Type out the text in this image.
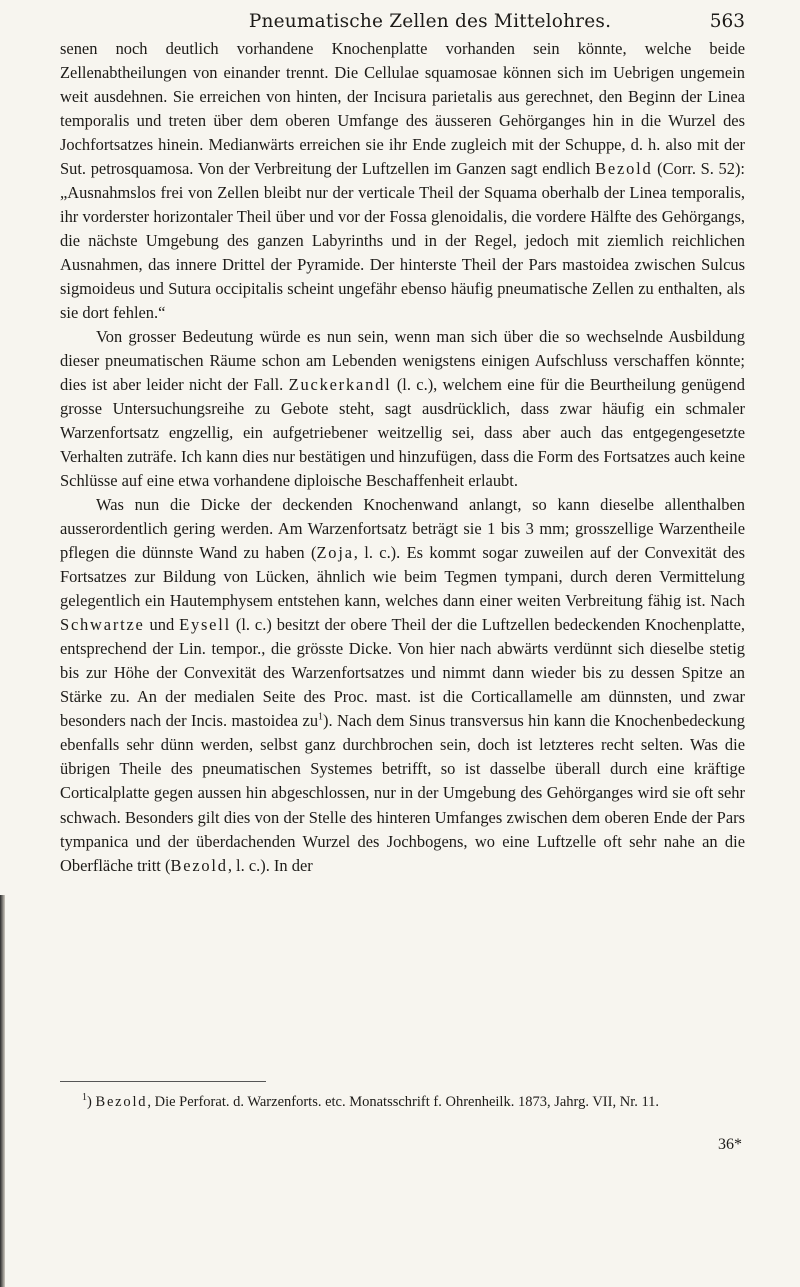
Pneumatische Zellen des Mittelohres.	563

senen noch deutlich vorhandene Knochenplatte vorhanden sein könnte, welche beide Zellenabtheilungen von einander trennt. Die Cellulae squamosae können sich im Uebrigen ungemein weit ausdehnen. Sie erreichen von hinten, der Incisura parietalis aus gerechnet, den Beginn der Linea temporalis und treten über dem oberen Umfange des äusseren Gehörganges hin in die Wurzel des Jochfortsatzes hinein. Medianwärts erreichen sie ihr Ende zugleich mit der Schuppe, d. h. also mit der Sut. petrosquamosa. Von der Verbreitung der Luftzellen im Ganzen sagt endlich Bezold (Corr. S. 52): „Ausnahmslos frei von Zellen bleibt nur der verticale Theil der Squama oberhalb der Linea temporalis, ihr vorderster horizontaler Theil über und vor der Fossa glenoidalis, die vordere Hälfte des Gehörgangs, die nächste Umgebung des ganzen Labyrinths und in der Regel, jedoch mit ziemlich reichlichen Ausnahmen, das innere Drittel der Pyramide. Der hinterste Theil der Pars mastoidea zwischen Sulcus sigmoideus und Sutura occipitalis scheint ungefähr ebenso häufig pneumatische Zellen zu enthalten, als sie dort fehlen.“

Von grosser Bedeutung würde es nun sein, wenn man sich über die so wechselnde Ausbildung dieser pneumatischen Räume schon am Lebenden wenigstens einigen Aufschluss verschaffen könnte; dies ist aber leider nicht der Fall. Zuckerkandl (l. c.), welchem eine für die Beurtheilung genügend grosse Untersuchungsreihe zu Gebote steht, sagt ausdrücklich, dass zwar häufig ein schmaler Warzenfortsatz engzellig, ein aufgetriebener weitzellig sei, dass aber auch das entgegengesetzte Verhalten zuträfe. Ich kann dies nur bestätigen und hinzufügen, dass die Form des Fortsatzes auch keine Schlüsse auf eine etwa vorhandene diploische Beschaffenheit erlaubt.

Was nun die Dicke der deckenden Knochenwand anlangt, so kann dieselbe allenthalben ausserordentlich gering werden. Am Warzenfortsatz beträgt sie 1 bis 3 mm; grosszellige Warzentheile pflegen die dünnste Wand zu haben (Zoja, l. c.). Es kommt sogar zuweilen auf der Convexität des Fortsatzes zur Bildung von Lücken, ähnlich wie beim Tegmen tympani, durch deren Vermittelung gelegentlich ein Hautemphysem entstehen kann, welches dann einer weiten Verbreitung fähig ist. Nach Schwartze und Eysell (l. c.) besitzt der obere Theil der die Luftzellen bedeckenden Knochenplatte, entsprechend der Lin. tempor., die grösste Dicke. Von hier nach abwärts verdünnt sich dieselbe stetig bis zur Höhe der Convexität des Warzenfortsatzes und nimmt dann wieder bis zu dessen Spitze an Stärke zu. An der medialen Seite des Proc. mast. ist die Corticallamelle am dünnsten, und zwar besonders nach der Incis. mastoidea $zu^1$). Nach dem Sinus transversus hin kann die Knochenbedeckung ebenfalls sehr dünn werden, selbst ganz durchbrochen sein, doch ist letzteres recht selten. Was die übrigen Theile des pneumatischen Systemes betrifft, so ist dasselbe überall durch eine kräftige Corticalplatte gegen aussen hin abgeschlossen, nur in der Umgebung des Gehörganges wird sie oft sehr schwach. Besonders gilt dies von der Stelle des hinteren Umfanges zwischen dem oberen Ende der Pars tympanica und der überdachenden Wurzel des Jochbogens, wo eine Luftzelle oft sehr nahe an die Oberfläche tritt (Bezold, l. c.). In der

$^1$) Bezold, Die Perforat. d. Warzenforts. etc. Monatsschrift f. Ohrenheilk. 1873, Jahrg. VII, Nr. 11.

36*
